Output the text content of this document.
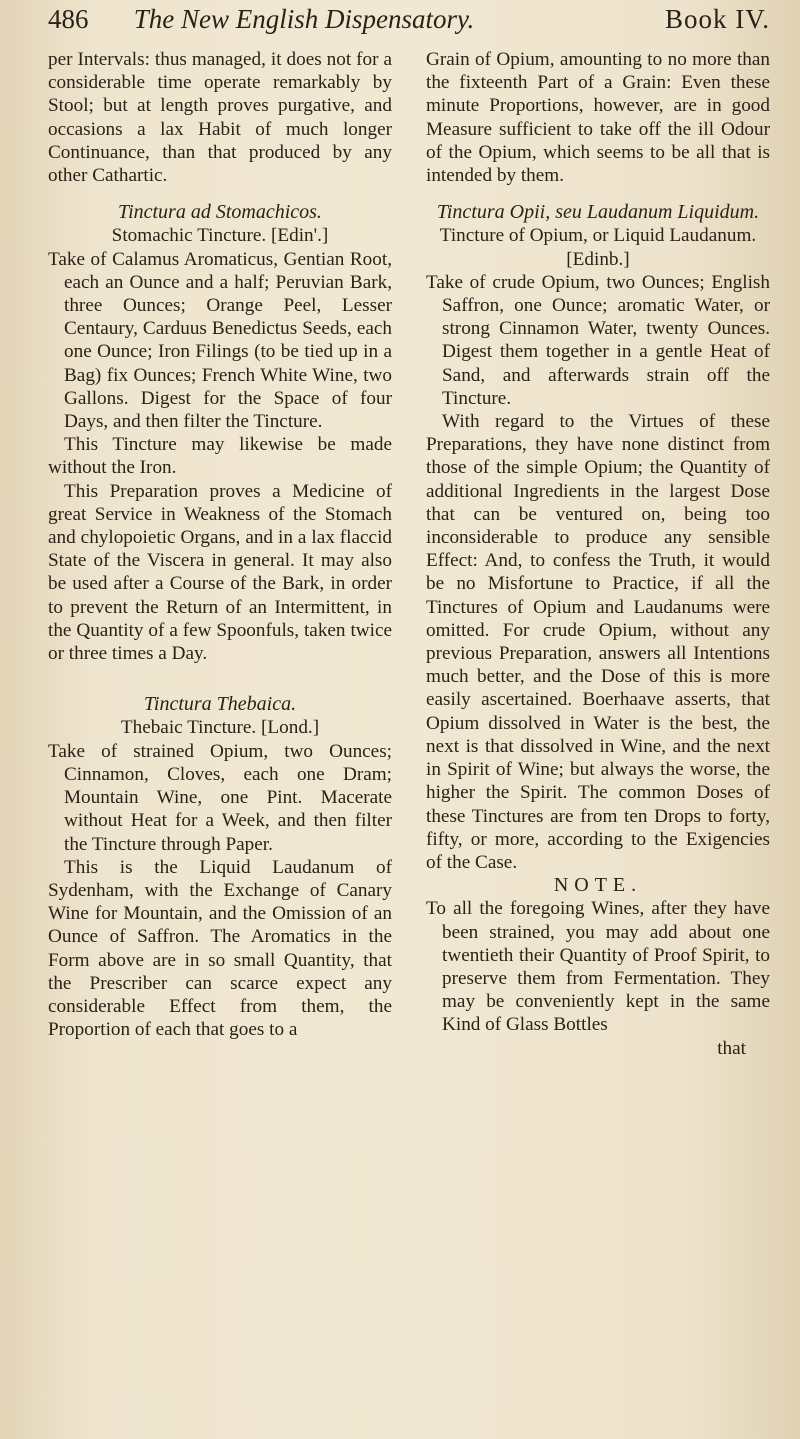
486	The New English Dispensatory.	Book IV.

per Intervals: thus managed, it does not for a considerable time operate remarkably by Stool; but at length proves purgative, and occasions a lax Habit of much longer Continuance, than that produced by any other Cathartic.

Tinctura ad Stomachicos.

Stomachic Tincture. [Edin'.]

Take of Calamus Aromaticus, Gentian Root, each an Ounce and a half; Peruvian Bark, three Ounces; Orange Peel, Lesser Centaury, Carduus Benedictus Seeds, each one Ounce; Iron Filings (to be tied up in a Bag) fix Ounces; French White Wine, two Gallons. Digest for the Space of four Days, and then filter the Tincture.

This Tincture may likewise be made without the Iron.

This Preparation proves a Medicine of great Service in Weakness of the Stomach and chylopoietic Organs, and in a lax flaccid State of the Viscera in general. It may also be used after a Course of the Bark, in order to prevent the Return of an Intermittent, in the Quantity of a few Spoonfuls, taken twice or three times a Day.

Tinctura Thebaica.

Thebaic Tincture. [Lond.]

Take of strained Opium, two Ounces; Cinnamon, Cloves, each one Dram; Mountain Wine, one Pint. Macerate without Heat for a Week, and then filter the Tincture through Paper.

This is the Liquid Laudanum of Sydenham, with the Exchange of Canary Wine for Mountain, and the Omission of an Ounce of Saffron. The Aromatics in the Form above are in so small Quantity, that the Prescriber can scarce expect any considerable Effect from them, the Proportion of each that goes to a

Grain of Opium, amounting to no more than the fixteenth Part of a Grain: Even these minute Proportions, however, are in good Measure sufficient to take off the ill Odour of the Opium, which seems to be all that is intended by them.

Tinctura Opii, seu Laudanum Liquidum.

Tincture of Opium, or Liquid Laudanum. [Edinb.]

Take of crude Opium, two Ounces; English Saffron, one Ounce; aromatic Water, or strong Cinnamon Water, twenty Ounces. Digest them together in a gentle Heat of Sand, and afterwards strain off the Tincture.

With regard to the Virtues of these Preparations, they have none distinct from those of the simple Opium; the Quantity of additional Ingredients in the largest Dose that can be ventured on, being too inconsiderable to produce any sensible Effect: And, to confess the Truth, it would be no Misfortune to Practice, if all the Tinctures of Opium and Laudanums were omitted. For crude Opium, without any previous Preparation, answers all Intentions much better, and the Dose of this is more easily ascertained. Boerhaave asserts, that Opium dissolved in Water is the best, the next is that dissolved in Wine, and the next in Spirit of Wine; but always the worse, the higher the Spirit. The common Doses of these Tinctures are from ten Drops to forty, fifty, or more, according to the Exigencies of the Case.

NOTE.

To all the foregoing Wines, after they have been strained, you may add about one twentieth their Quantity of Proof Spirit, to preserve them from Fermentation. They may be conveniently kept in the same Kind of Glass Bottles

that
